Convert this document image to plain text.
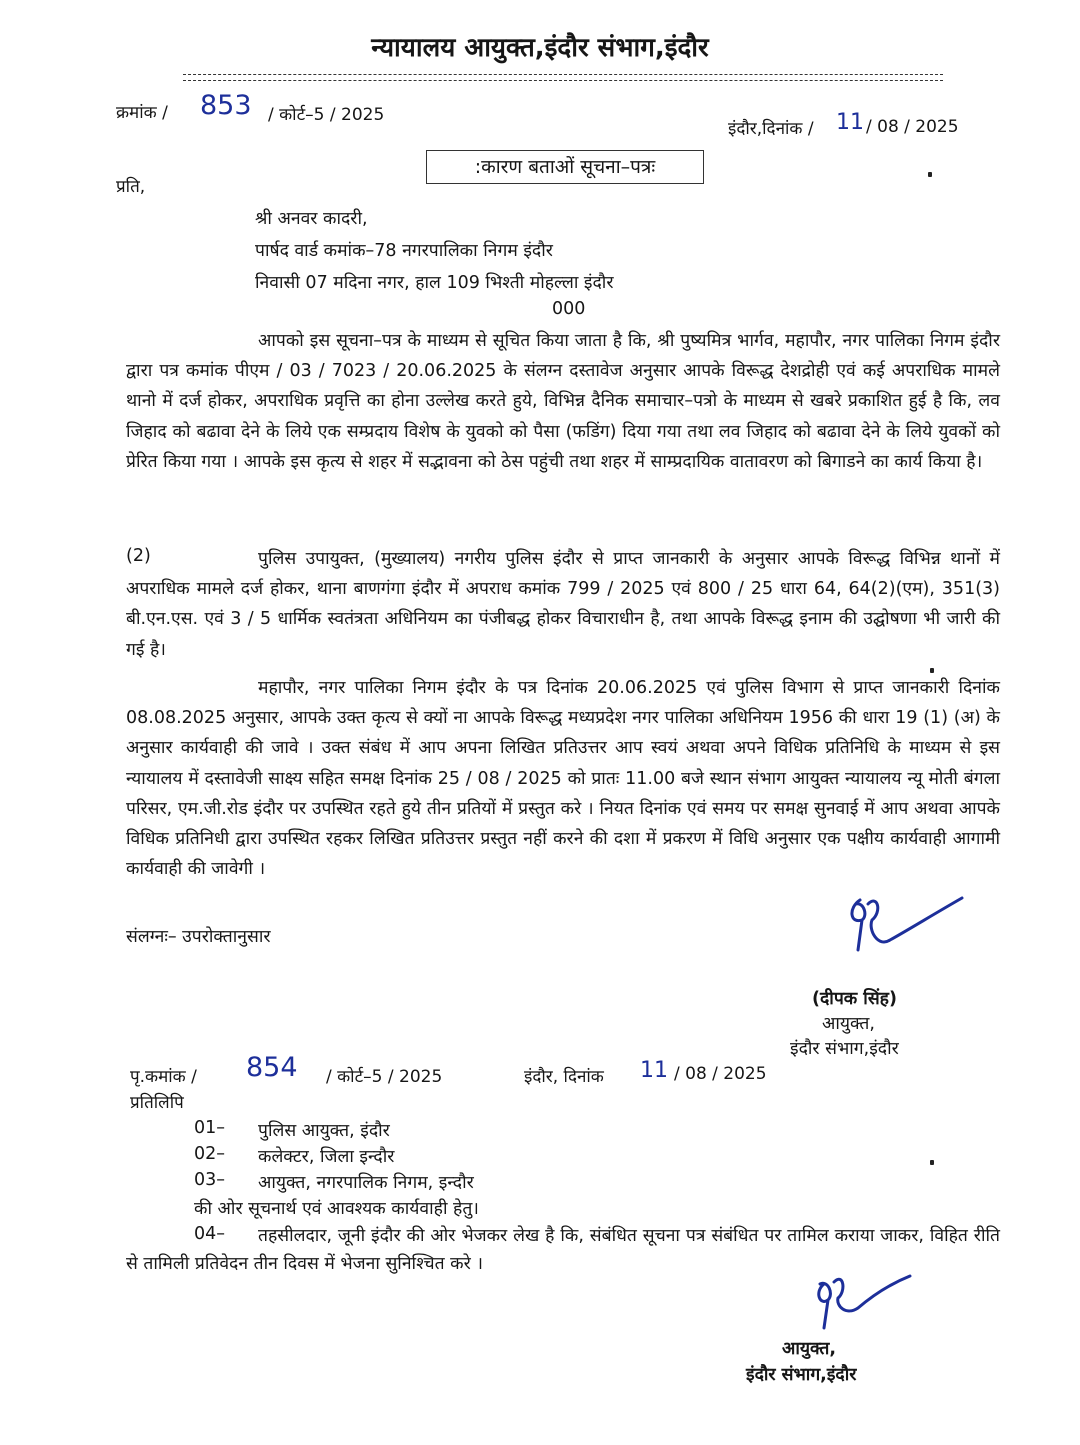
न्यायालय आयुक्त,इंदौर संभाग,इंदौर
क्रमांक / 853 / कोर्ट–5 / 2025
इंदौर,दिनांक / 11 / 08 / 2025
:कारण बताओं सूचना–पत्रः
प्रति,
श्री अनवर कादरी,
पार्षद वार्ड कमांक–78 नगरपालिका निगम इंदौर
निवासी 07 मदिना नगर, हाल 109 भिश्ती मोहल्ला इंदौर
000

आपको इस सूचना–पत्र के माध्यम से सूचित किया जाता है कि, श्री पुष्यमित्र भार्गव, महापौर, नगर पालिका निगम इंदौर द्वारा पत्र कमांक पीएम / 03 / 7023 / 20.06.2025 के संलग्न दस्तावेज अनुसार आपके विरूद्ध देशद्रोही एवं कई अपराधिक मामले थानो में दर्ज होकर, अपराधिक प्रवृत्ति का होना उल्लेख करते हुये, विभिन्न दैनिक समाचार–पत्रो के माध्यम से खबरे प्रकाशित हुई है कि, लव जिहाद को बढावा देने के लिये एक सम्प्रदाय विशेष के युवको को पैसा (फडिंग) दिया गया तथा लव जिहाद को बढावा देने के लिये युवकों को प्रेरित किया गया । आपके इस कृत्य से शहर में सद्भावना को ठेस पहुंची तथा शहर में साम्प्रदायिक वातावरण को बिगाडने का कार्य किया है।

(2)	पुलिस उपायुक्त, (मुख्यालय) नगरीय पुलिस इंदौर से प्राप्त जानकारी के अनुसार आपके विरूद्ध विभिन्न थानों में अपराधिक मामले दर्ज होकर, थाना बाणगंगा इंदौर में अपराध कमांक 799 / 2025 एवं 800 / 25 धारा 64, 64(2)(एम), 351(3) बी.एन.एस. एवं 3 / 5 धार्मिक स्वतंत्रता अधिनियम का पंजीबद्ध होकर विचाराधीन है, तथा आपके विरूद्ध इनाम की उद्घोषणा भी जारी की गई है।

महापौर, नगर पालिका निगम इंदौर के पत्र दिनांक 20.06.2025 एवं पुलिस विभाग से प्राप्त जानकारी दिनांक 08.08.2025 अनुसार, आपके उक्त कृत्य से क्यों ना आपके विरूद्ध मध्यप्रदेश नगर पालिका अधिनियम 1956 की धारा 19 (1) (अ) के अनुसार कार्यवाही की जावे । उक्त संबंध में आप अपना लिखित प्रतिउत्तर आप स्वयं अथवा अपने विधिक प्रतिनिधि के माध्यम से इस न्यायालय में दस्तावेजी साक्ष्य सहित समक्ष दिनांक 25 / 08 / 2025 को प्रातः 11.00 बजे स्थान संभाग आयुक्त न्यायालय न्यू मोती बंगला परिसर, एम.जी.रोड इंदौर पर उपस्थित रहते हुये तीन प्रतियों में प्रस्तुत करे । नियत दिनांक एवं समय पर समक्ष सुनवाई में आप अथवा आपके विधिक प्रतिनिधी द्वारा उपस्थित रहकर लिखित प्रतिउत्तर प्रस्तुत नहीं करने की दशा में प्रकरण में विधि अनुसार एक पक्षीय कार्यवाही आगामी कार्यवाही की जावेगी ।

संलग्नः– उपरोक्तानुसार
(दीपक सिंह)
आयुक्त,
इंदौर संभाग,इंदौर
पृ.कमांक / 854 / कोर्ट–5 / 2025	इंदौर, दिनांक 11 / 08 / 2025
प्रतिलिपि
01– पुलिस आयुक्त, इंदौर
02– कलेक्टर, जिला इन्दौर
03– आयुक्त, नगरपालिक निगम, इन्दौर
की ओर सूचनार्थ एवं आवश्यक कार्यवाही हेतु।
04–	तहसीलदार, जूनी इंदौर की ओर भेजकर लेख है कि, संबंधित सूचना पत्र संबंधित पर तामिल कराया जाकर, विहित रीति से तामिली प्रतिवेदन तीन दिवस में भेजना सुनिश्चित करे ।

आयुक्त,
इंदौर संभाग,इंदौर
